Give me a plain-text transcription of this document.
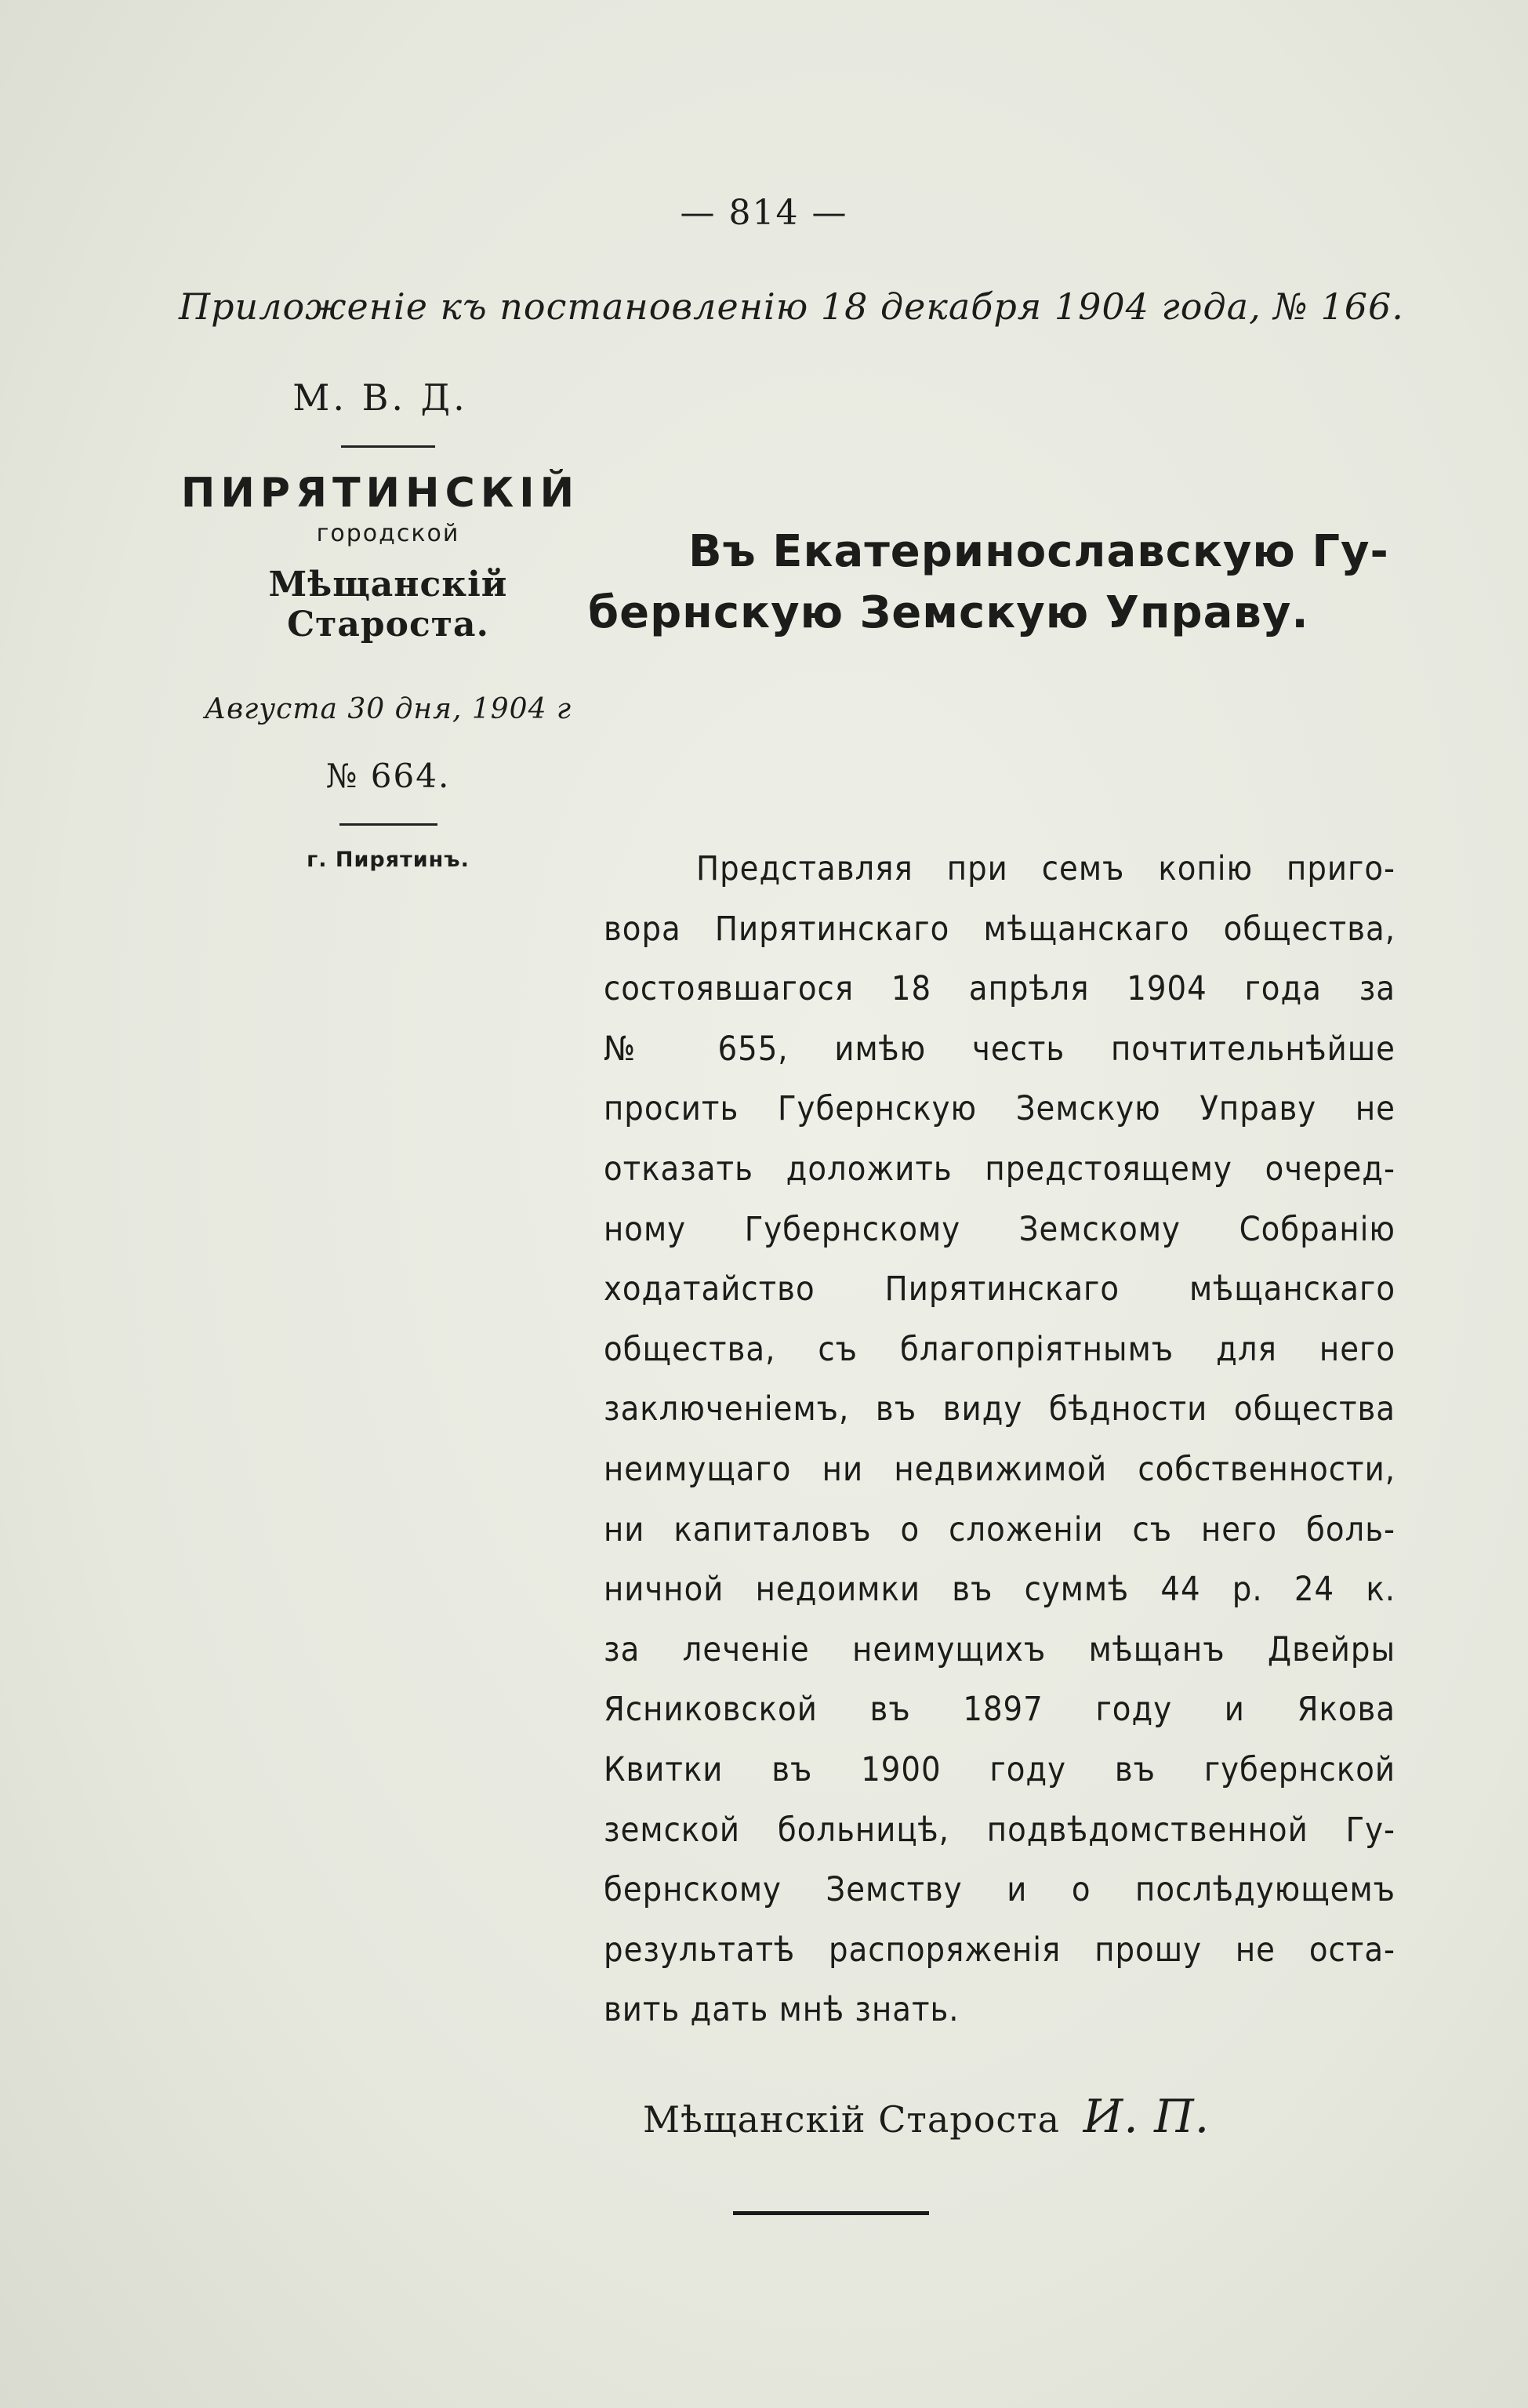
— 814 —
Приложеніе къ постановленію 18 декабря 1904 года, № 166.
М. В. Д.
ПИРЯТИНСКІЙ
городской
Мѣщанскій Староста.
Августа 30 дня, 1904 г
№ 664.
г. Пирятинъ.
Въ Екатеринославскую Гу-
бернскую Земскую Управу.
Представляя при семъ копію приго-
вора Пирятинскаго мѣщанскаго общества,
состоявшагося 18 апрѣля 1904 года за
№ 655, имѣю честь почтительнѣйше
просить Губернскую Земскую Управу не
отказать доложить предстоящему очеред-
ному Губернскому Земскому Собранію
ходатайство Пирятинскаго мѣщанскаго
общества, съ благопріятнымъ для него
заключеніемъ, въ виду бѣдности общества
неимущаго ни недвижимой собственности,
ни капиталовъ о сложеніи съ него боль-
ничной недоимки въ суммѣ 44 р. 24 к.
за леченіе неимущихъ мѣщанъ Двейры
Ясниковской въ 1897 году и Якова
Квитки въ 1900 году въ губернской
земской больницѣ, подвѣдомственной Гу-
бернскому Земству и о послѣдующемъ
результатѣ распоряженія прошу не оста-
вить дать мнѣ знать.
Мѣщанскій Староста И. П.
